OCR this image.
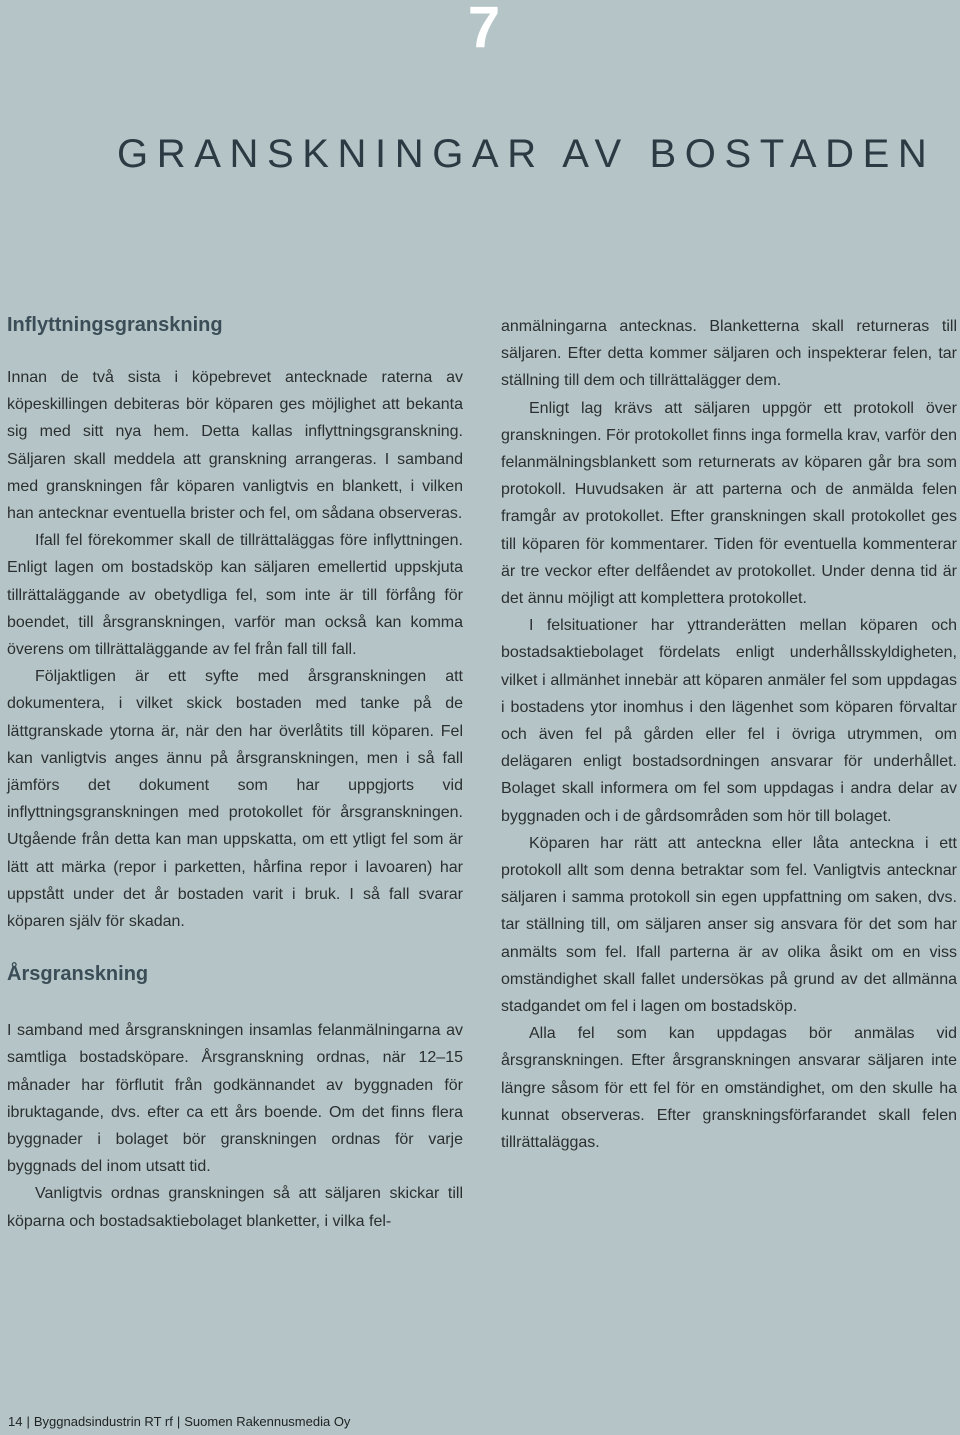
7
GRANSKNINGAR AV BOSTADEN
Inflyttningsgranskning

Innan de två sista i köpebrevet antecknade raterna av köpeskillingen debiteras bör köparen ges möjlighet att bekanta sig med sitt nya hem. Detta kallas inflyttningsgranskning. Säljaren skall meddela att granskning arrangeras. I samband med granskningen får köparen vanligtvis en blankett, i vilken han antecknar eventuella brister och fel, om sådana observeras.

Ifall fel förekommer skall de tillrättaläggas före inflyttningen. Enligt lagen om bostadsköp kan säljaren emellertid uppskjuta tillrättaläggande av obetydliga fel, som inte är till förfång för boendet, till årsgranskningen, varför man också kan komma överens om tillrättaläggande av fel från fall till fall.

Följaktligen är ett syfte med årsgranskningen att dokumentera, i vilket skick bostaden med tanke på de lättgranskade ytorna är, när den har överlåtits till köparen. Fel kan vanligtvis anges ännu på årsgranskningen, men i så fall jämförs det dokument som har uppgjorts vid inflyttningsgranskningen med protokollet för årsgranskningen. Utgående från detta kan man uppskatta, om ett ytligt fel som är lätt att märka (repor i parketten, hårfina repor i lavoaren) har uppstått under det år bostaden varit i bruk. I så fall svarar köparen själv för skadan.

Årsgranskning

I samband med årsgranskningen insamlas felanmälningarna av samtliga bostadsköpare. Årsgranskning ordnas, när 12–15 månader har förflutit från godkännandet av byggnaden för ibruktagande, dvs. efter ca ett års boende. Om det finns flera byggnader i bolaget bör granskningen ordnas för varje byggnads del inom utsatt tid.

Vanligtvis ordnas granskningen så att säljaren skickar till köparna och bostadsaktiebolaget blanketter, i vilka fel-

anmälningarna antecknas. Blanketterna skall returneras till säljaren. Efter detta kommer säljaren och inspekterar felen, tar ställning till dem och tillrättalägger dem.

Enligt lag krävs att säljaren uppgör ett protokoll över granskningen. För protokollet finns inga formella krav, varför den felanmälningsblankett som returnerats av köparen går bra som protokoll. Huvudsaken är att parterna och de anmälda felen framgår av protokollet. Efter granskningen skall protokollet ges till köparen för kommentarer. Tiden för eventuella kommenterar är tre veckor efter delfåendet av protokollet. Under denna tid är det ännu möjligt att komplettera protokollet.

I felsituationer har yttranderätten mellan köparen och bostadsaktiebolaget fördelats enligt underhållsskyldigheten, vilket i allmänhet innebär att köparen anmäler fel som uppdagas i bostadens ytor inomhus i den lägenhet som köparen förvaltar och även fel på gården eller fel i övriga utrymmen, om delägaren enligt bostadsordningen ansvarar för underhållet. Bolaget skall informera om fel som uppdagas i andra delar av byggnaden och i de gårdsområden som hör till bolaget.

Köparen har rätt att anteckna eller låta anteckna i ett protokoll allt som denna betraktar som fel. Vanligtvis antecknar säljaren i samma protokoll sin egen uppfattning om saken, dvs. tar ställning till, om säljaren anser sig ansvara för det som har anmälts som fel. Ifall parterna är av olika åsikt om en viss omständighet skall fallet undersökas på grund av det allmänna stadgandet om fel i lagen om bostadsköp.

Alla fel som kan uppdagas bör anmälas vid årsgranskningen. Efter årsgranskningen ansvarar säljaren inte längre såsom för ett fel för en omständighet, om den skulle ha kunnat observeras. Efter granskningsförfarandet skall felen tillrättaläggas.

14 | Byggnadsindustrin RT rf | Suomen Rakennusmedia Oy
